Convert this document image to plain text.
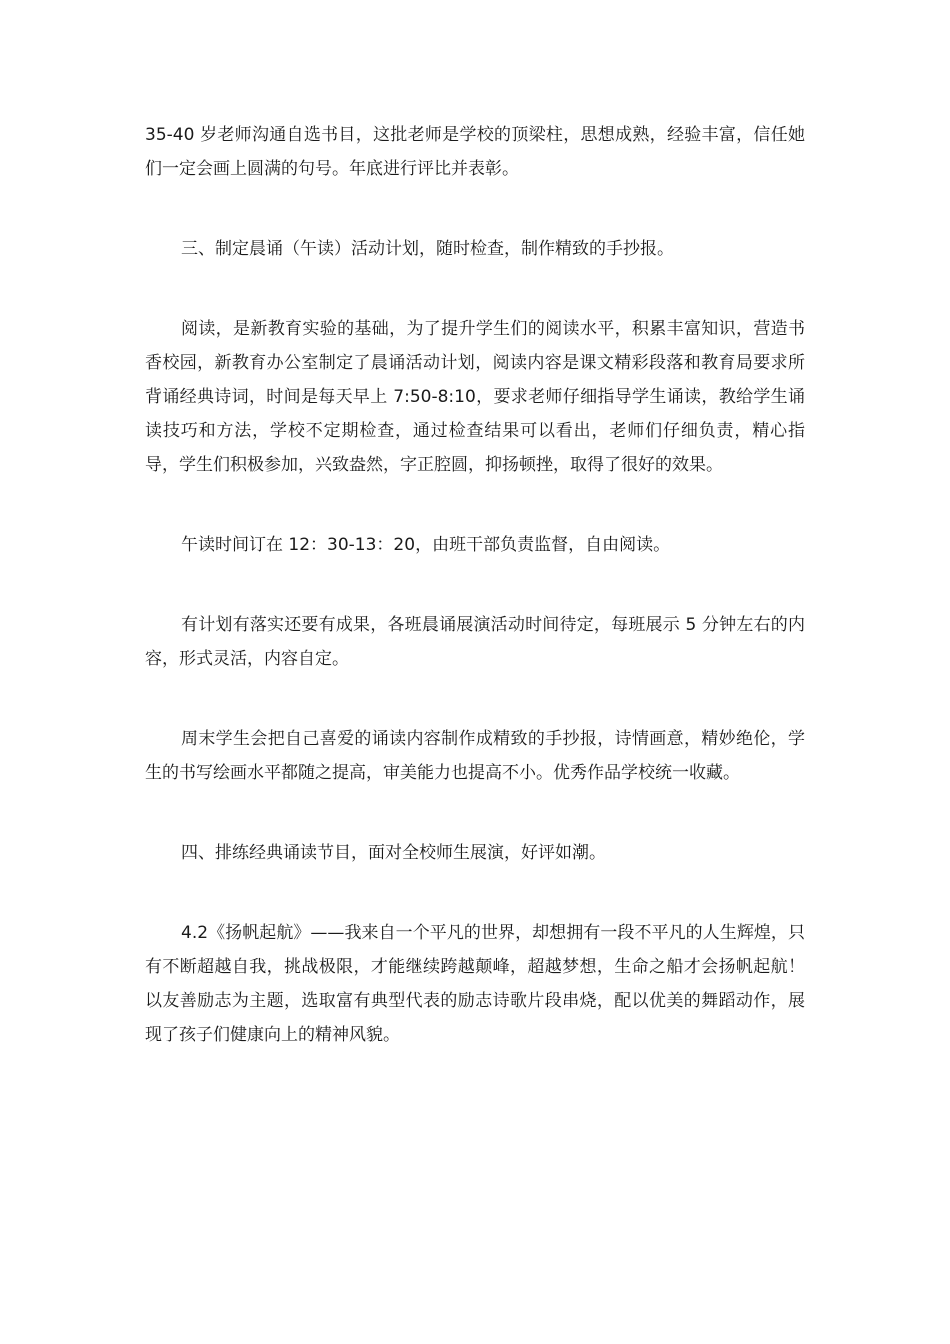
35-40 岁老师沟通自选书目，这批老师是学校的顶梁柱，思想成熟，经验丰富，信任她们一定会画上圆满的句号。年底进行评比并表彰。

三、制定晨诵（午读）活动计划，随时检查，制作精致的手抄报。

阅读，是新教育实验的基础，为了提升学生们的阅读水平，积累丰富知识，营造书香校园，新教育办公室制定了晨诵活动计划，阅读内容是课文精彩段落和教育局要求所背诵经典诗词，时间是每天早上 7:50-8:10，要求老师仔细指导学生诵读，教给学生诵读技巧和方法，学校不定期检查，通过检查结果可以看出，老师们仔细负责，精心指导，学生们积极参加，兴致盎然，字正腔圆，抑扬顿挫，取得了很好的效果。

午读时间订在 12：30-13：20，由班干部负责监督，自由阅读。

有计划有落实还要有成果，各班晨诵展演活动时间待定，每班展示 5 分钟左右的内容，形式灵活，内容自定。

周末学生会把自己喜爱的诵读内容制作成精致的手抄报，诗情画意，精妙绝伦，学生的书写绘画水平都随之提高，审美能力也提高不小。优秀作品学校统一收藏。

四、排练经典诵读节目，面对全校师生展演，好评如潮。

4.2《扬帆起航》——我来自一个平凡的世界，却想拥有一段不平凡的人生辉煌，只有不断超越自我，挑战极限，才能继续跨越颠峰，超越梦想，生命之船才会扬帆起航！以友善励志为主题，选取富有典型代表的励志诗歌片段串烧，配以优美的舞蹈动作，展现了孩子们健康向上的精神风貌。
